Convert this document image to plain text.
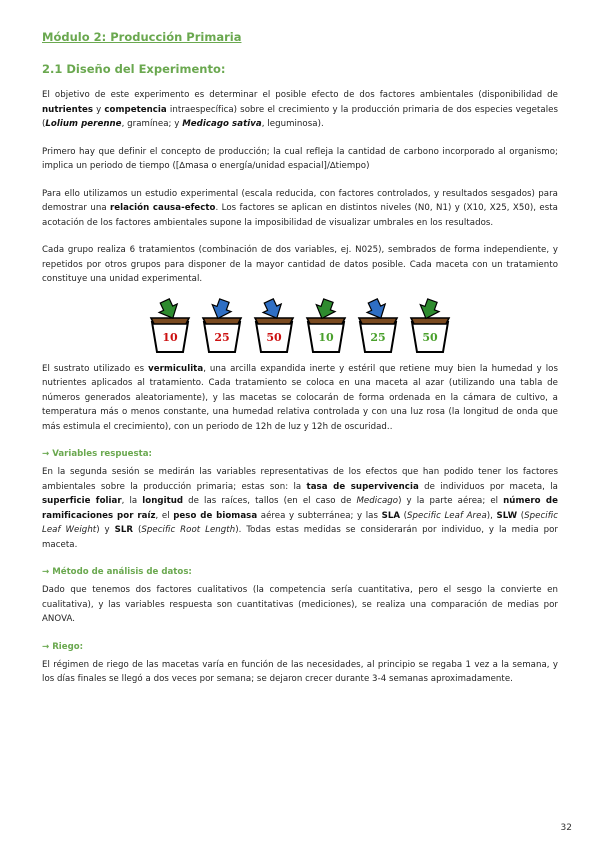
Módulo 2: Producción Primaria
2.1 Diseño del Experimento:

El objetivo de este experimento es determinar el posible efecto de dos factores ambientales (disponibilidad de nutrientes y competencia intraespecífica) sobre el crecimiento y la producción primaria de dos especies vegetales (Lolium perenne, gramínea; y Medicago sativa, leguminosa).

Primero hay que definir el concepto de producción; la cual refleja la cantidad de carbono incorporado al organismo; implica un periodo de tiempo ([∆masa o energía/unidad espacial]/∆tiempo)

Para ello utilizamos un estudio experimental (escala reducida, con factores controlados, y resultados sesgados) para demostrar una relación causa-efecto. Los factores se aplican en distintos niveles (N0, N1) y (X10, X25, X50), esta acotación de los factores ambientales supone la imposibilidad de visualizar umbrales en los resultados.

Cada grupo realiza 6 tratamientos (combinación de dos variables, ej. N025), sembrados de forma independiente, y repetidos por otros grupos para disponer de la mayor cantidad de datos posible. Cada maceta con un tratamiento constituye una unidad experimental.

10	25	50	10	25	50

El sustrato utilizado es vermiculita, una arcilla expandida inerte y estéril que retiene muy bien la humedad y los nutrientes aplicados al tratamiento. Cada tratamiento se coloca en una maceta al azar (utilizando una tabla de números generados aleatoriamente), y las macetas se colocarán de forma ordenada en la cámara de cultivo, a temperatura más o menos constante, una humedad relativa controlada y con una luz rosa (la longitud de onda que más estimula el crecimiento), con un periodo de 12h de luz y 12h de oscuridad..

→ Variables respuesta:

En la segunda sesión se medirán las variables representativas de los efectos que han podido tener los factores ambientales sobre la producción primaria; estas son: la tasa de supervivencia de individuos por maceta, la superficie foliar, la longitud de las raíces, tallos (en el caso de Medicago) y la parte aérea; el número de ramificaciones por raíz, el peso de biomasa aérea y subterránea; y las SLA (Specific Leaf Area), SLW (Specific Leaf Weight) y SLR (Specific Root Length). Todas estas medidas se considerarán por individuo, y la media por maceta.

→ Método de análisis de datos:

Dado que tenemos dos factores cualitativos (la competencia sería cuantitativa, pero el sesgo la convierte en cualitativa), y las variables respuesta son cuantitativas (mediciones), se realiza una comparación de medias por ANOVA.

→ Riego:

El régimen de riego de las macetas varía en función de las necesidades, al principio se regaba 1 vez a la semana, y los días finales se llegó a dos veces por semana; se dejaron crecer durante 3-4 semanas aproximadamente.

32
